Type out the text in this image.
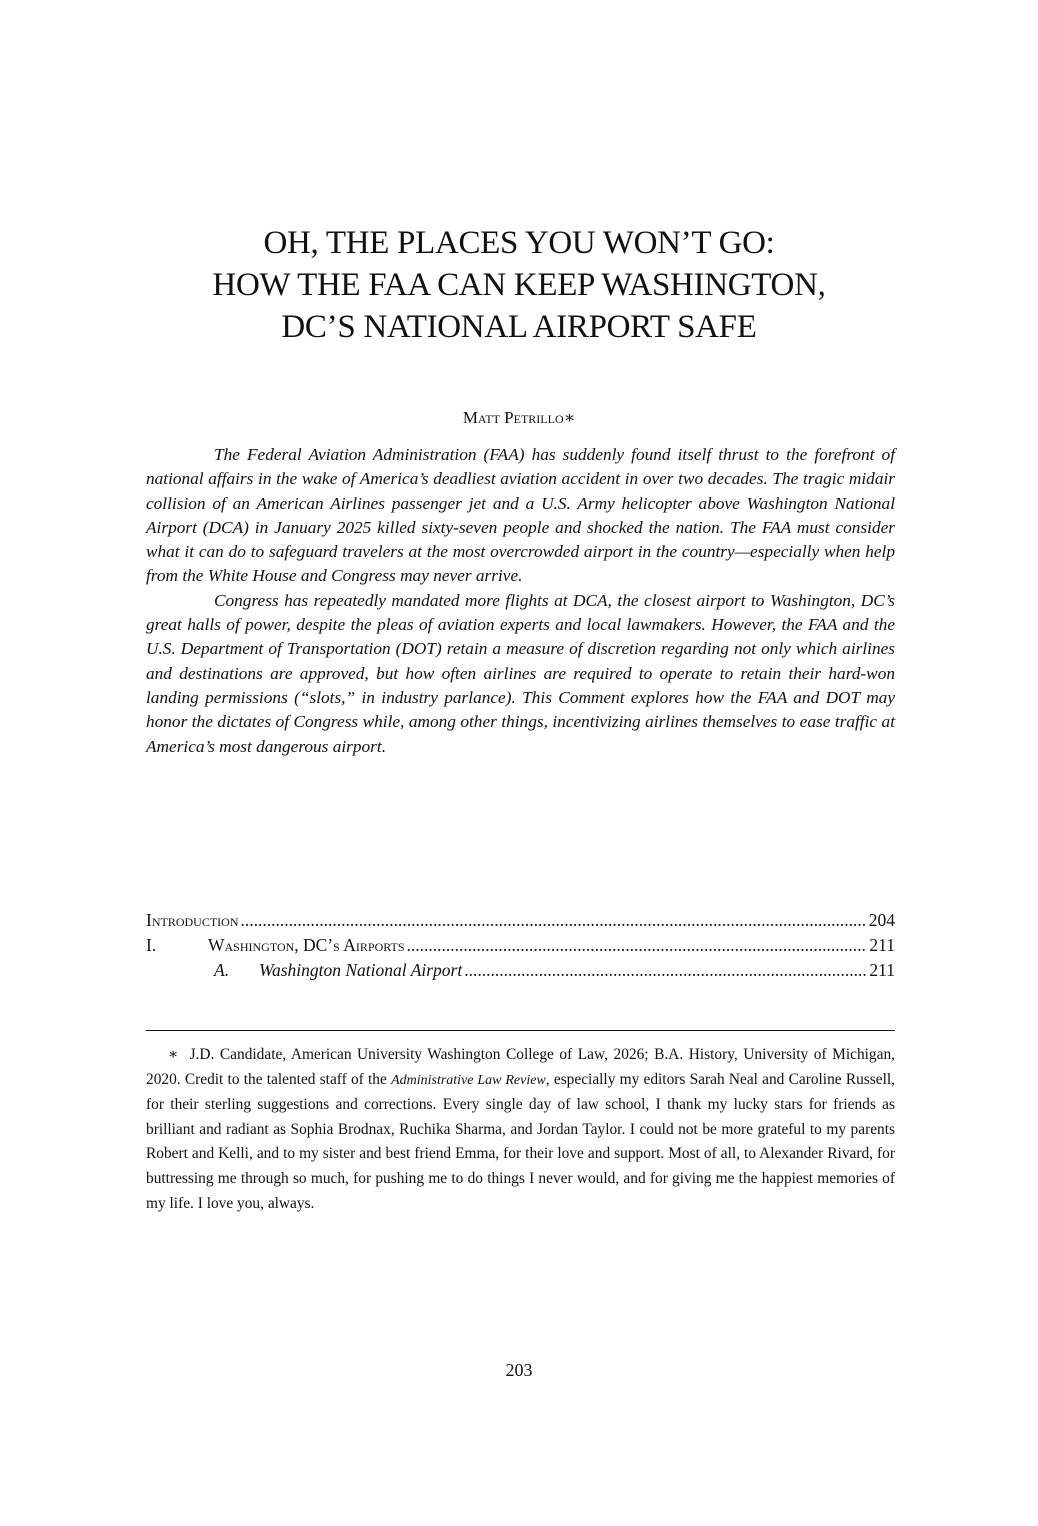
OH, THE PLACES YOU WON’T GO:
HOW THE FAA CAN KEEP WASHINGTON,
DC’S NATIONAL AIRPORT SAFE
Matt Petrillo∗

The Federal Aviation Administration (FAA) has suddenly found itself thrust to the forefront of national affairs in the wake of America’s deadliest aviation accident in over two decades. The tragic midair collision of an American Airlines passenger jet and a U.S. Army helicopter above Washington National Airport (DCA) in January 2025 killed sixty-seven people and shocked the nation. The FAA must consider what it can do to safeguard travelers at the most overcrowded airport in the country—especially when help from the White House and Congress may never arrive.

Congress has repeatedly mandated more flights at DCA, the closest airport to Washington, DC’s great halls of power, despite the pleas of aviation experts and local lawmakers. However, the FAA and the U.S. Department of Transportation (DOT) retain a measure of discretion regarding not only which airlines and destinations are approved, but how often airlines are required to operate to retain their hard-won landing permissions (“slots,” in industry parlance). This Comment explores how the FAA and DOT may honor the dictates of Congress while, among other things, incentivizing airlines themselves to ease traffic at America’s most dangerous airport.

Introduction .....	204
I.	Washington, DC’s Airports .....	211
A.	Washington National Airport .....	211
∗ J.D. Candidate, American University Washington College of Law, 2026; B.A. History, University of Michigan, 2020. Credit to the talented staff of the Administrative Law Review, especially my editors Sarah Neal and Caroline Russell, for their sterling suggestions and corrections. Every single day of law school, I thank my lucky stars for friends as brilliant and radiant as Sophia Brodnax, Ruchika Sharma, and Jordan Taylor. I could not be more grateful to my parents Robert and Kelli, and to my sister and best friend Emma, for their love and support. Most of all, to Alexander Rivard, for buttressing me through so much, for pushing me to do things I never would, and for giving me the happiest memories of my life. I love you, always.
203
